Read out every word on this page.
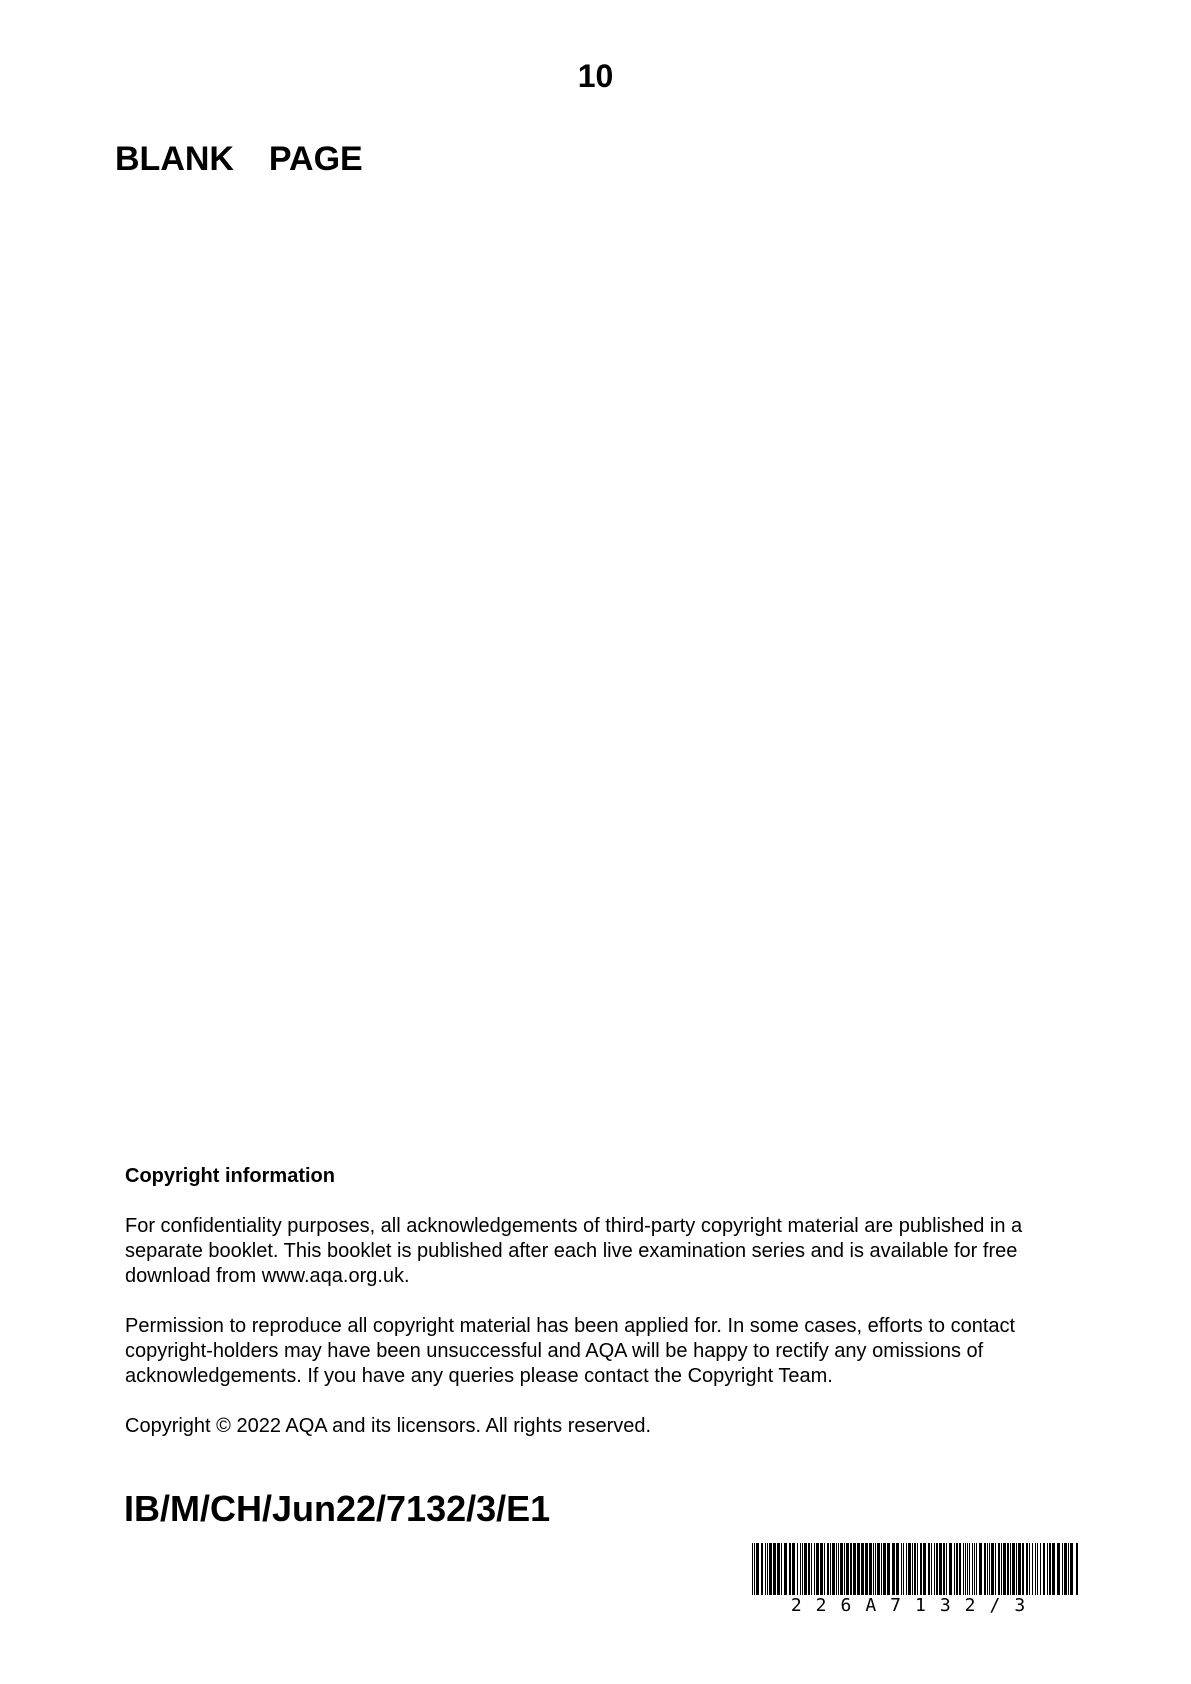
10
BLANK  PAGE

Copyright information

For confidentiality purposes, all acknowledgements of third-party copyright material are published in a separate booklet. This booklet is published after each live examination series and is available for free download from www.aqa.org.uk.

Permission to reproduce all copyright material has been applied for. In some cases, efforts to contact copyright-holders may have been unsuccessful and AQA will be happy to rectify any omissions of acknowledgements. If you have any queries please contact the Copyright Team.

Copyright © 2022 AQA and its licensors. All rights reserved.

IB/M/CH/Jun22/7132/3/E1
226A7132/3
